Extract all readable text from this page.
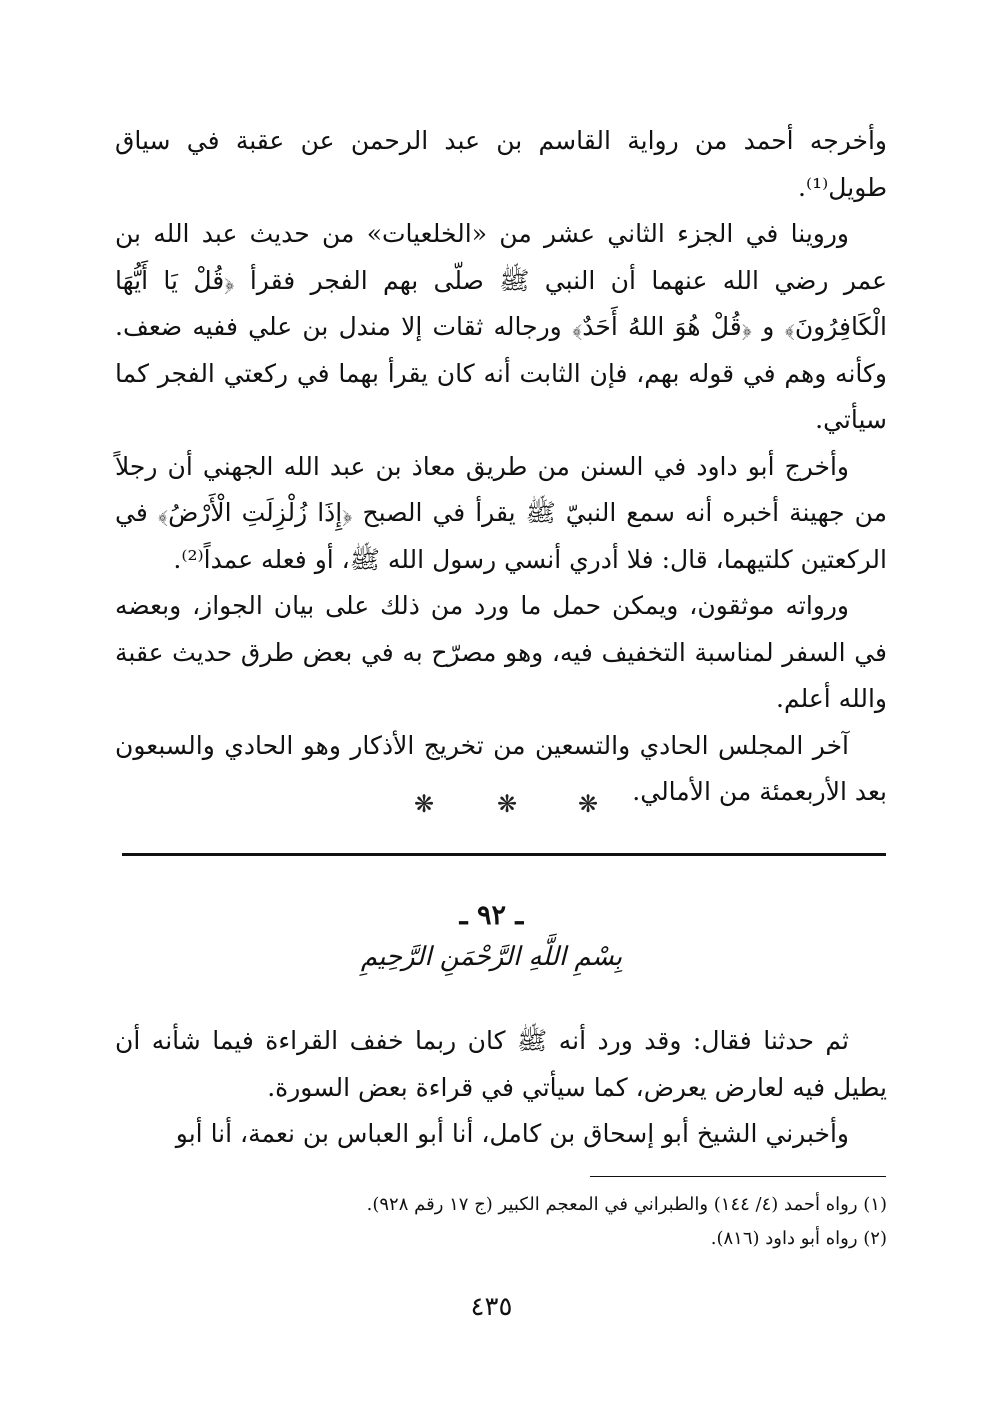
وأخرجه أحمد من رواية القاسم بن عبد الرحمن عن عقبة في سياق طويل⁽¹⁾.

وروينا في الجزء الثاني عشر من «الخلعيات» من حديث عبد الله بن عمر رضي الله عنهما أن النبي ﷺ صلّى بهم الفجر فقرأ ﴿قُلْ يَا أَيُّهَا الْكَافِرُونَ﴾ و ﴿قُلْ هُوَ اللهُ أَحَدٌ﴾ ورجاله ثقات إلا مندل بن علي ففيه ضعف. وكأنه وهم في قوله بهم، فإن الثابت أنه كان يقرأ بهما في ركعتي الفجر كما سيأتي.

وأخرج أبو داود في السنن من طريق معاذ بن عبد الله الجهني أن رجلاً من جهينة أخبره أنه سمع النبيّ ﷺ يقرأ في الصبح ﴿إِذَا زُلْزِلَتِ الْأَرْضُ﴾ في الركعتين كلتيهما، قال: فلا أدري أنسي رسول الله ﷺ، أو فعله عمداً⁽²⁾.

ورواته موثقون، ويمكن حمل ما ورد من ذلك على بيان الجواز، وبعضه في السفر لمناسبة التخفيف فيه، وهو مصرّح به في بعض طرق حديث عقبة والله أعلم.

آخر المجلس الحادي والتسعين من تخريج الأذكار وهو الحادي والسبعون بعد الأربعمئة من الأمالي.

❋	❋	❋
ـ ٩٢ ـ
بِسْمِ اللَّهِ الرَّحْمَنِ الرَّحِيمِ

ثم حدثنا فقال: وقد ورد أنه ﷺ كان ربما خفف القراءة فيما شأنه أن يطيل فيه لعارض يعرض، كما سيأتي في قراءة بعض السورة.

وأخبرني الشيخ أبو إسحاق بن كامل، أنا أبو العباس بن نعمة، أنا أبو

(١) رواه أحمد (٤/ ١٤٤) والطبراني في المعجم الكبير (ج ١٧ رقم ٩٢٨).

(٢) رواه أبو داود (٨١٦).

٤٣٥
